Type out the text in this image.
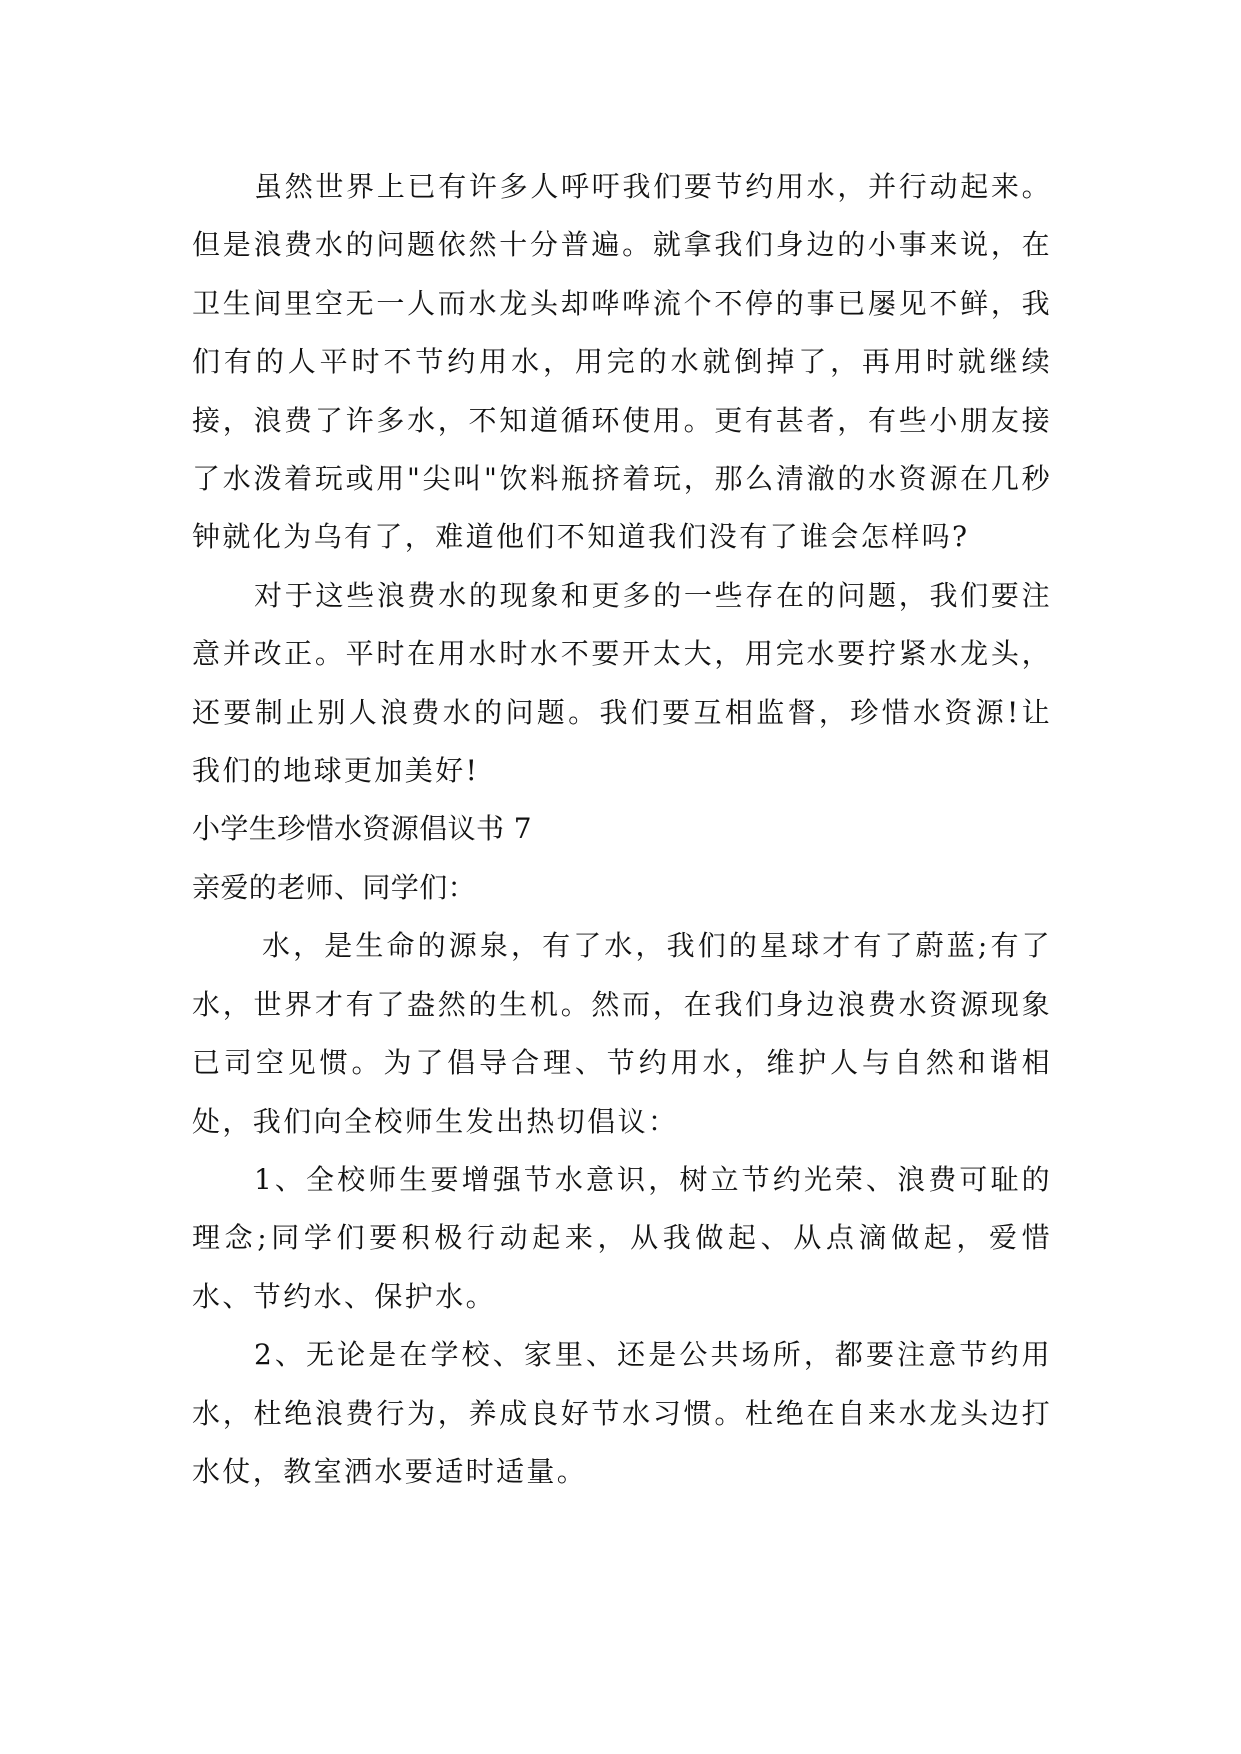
虽然世界上已有许多人呼吁我们要节约用水，并行动起来。但是浪费水的问题依然十分普遍。就拿我们身边的小事来说，在卫生间里空无一人而水龙头却哗哗流个不停的事已屡见不鲜，我们有的人平时不节约用水，用完的水就倒掉了，再用时就继续接，浪费了许多水，不知道循环使用。更有甚者，有些小朋友接了水泼着玩或用"尖叫"饮料瓶挤着玩，那么清澈的水资源在几秒钟就化为乌有了，难道他们不知道我们没有了谁会怎样吗?

对于这些浪费水的现象和更多的一些存在的问题，我们要注意并改正。平时在用水时水不要开太大，用完水要拧紧水龙头，还要制止别人浪费水的问题。我们要互相监督，珍惜水资源!让我们的地球更加美好!

小学生珍惜水资源倡议书 7

亲爱的老师、同学们：

水，是生命的源泉，有了水，我们的星球才有了蔚蓝;有了水，世界才有了盎然的生机。然而，在我们身边浪费水资源现象已司空见惯。为了倡导合理、节约用水，维护人与自然和谐相处，我们向全校师生发出热切倡议：

1、全校师生要增强节水意识，树立节约光荣、浪费可耻的理念;同学们要积极行动起来，从我做起、从点滴做起，爱惜水、节约水、保护水。

2、无论是在学校、家里、还是公共场所，都要注意节约用水，杜绝浪费行为，养成良好节水习惯。杜绝在自来水龙头边打水仗，教室洒水要适时适量。
